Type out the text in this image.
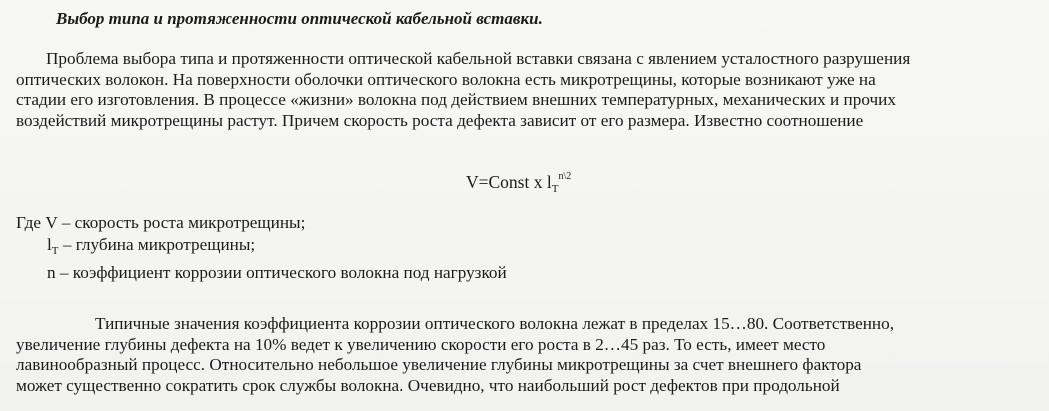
Выбор типа и протяженности оптической кабельной вставки.
Проблема выбора типа и протяженности оптической кабельной вставки связана с явлением усталостного разрушения
оптических волокон. На поверхности оболочки оптического волокна есть микротрещины, которые возникают уже на
стадии его изготовления. В процессе «жизни» волокна под действием внешних температурных, механических и прочих
воздействий микротрещины растут. Причем скорость роста дефекта зависит от его размера. Известно соотношение
V=Const x $l_T^{n\backslash 2}$
Где V – скорость роста микротрещины;
$l_T$ – глубина микротрещины;
n – коэффициент коррозии оптического волокна под нагрузкой
Типичные значения коэффициента коррозии оптического волокна лежат в пределах 15…80. Соответственно,
увеличение глубины дефекта на 10% ведет к увеличению скорости его роста в 2…45 раз. То есть, имеет место
лавинообразный процесс. Относительно небольшое увеличение глубины микротрещины за счет внешнего фактора
может существенно сократить срок службы волокна. Очевидно, что наибольший рост дефектов при продольной
